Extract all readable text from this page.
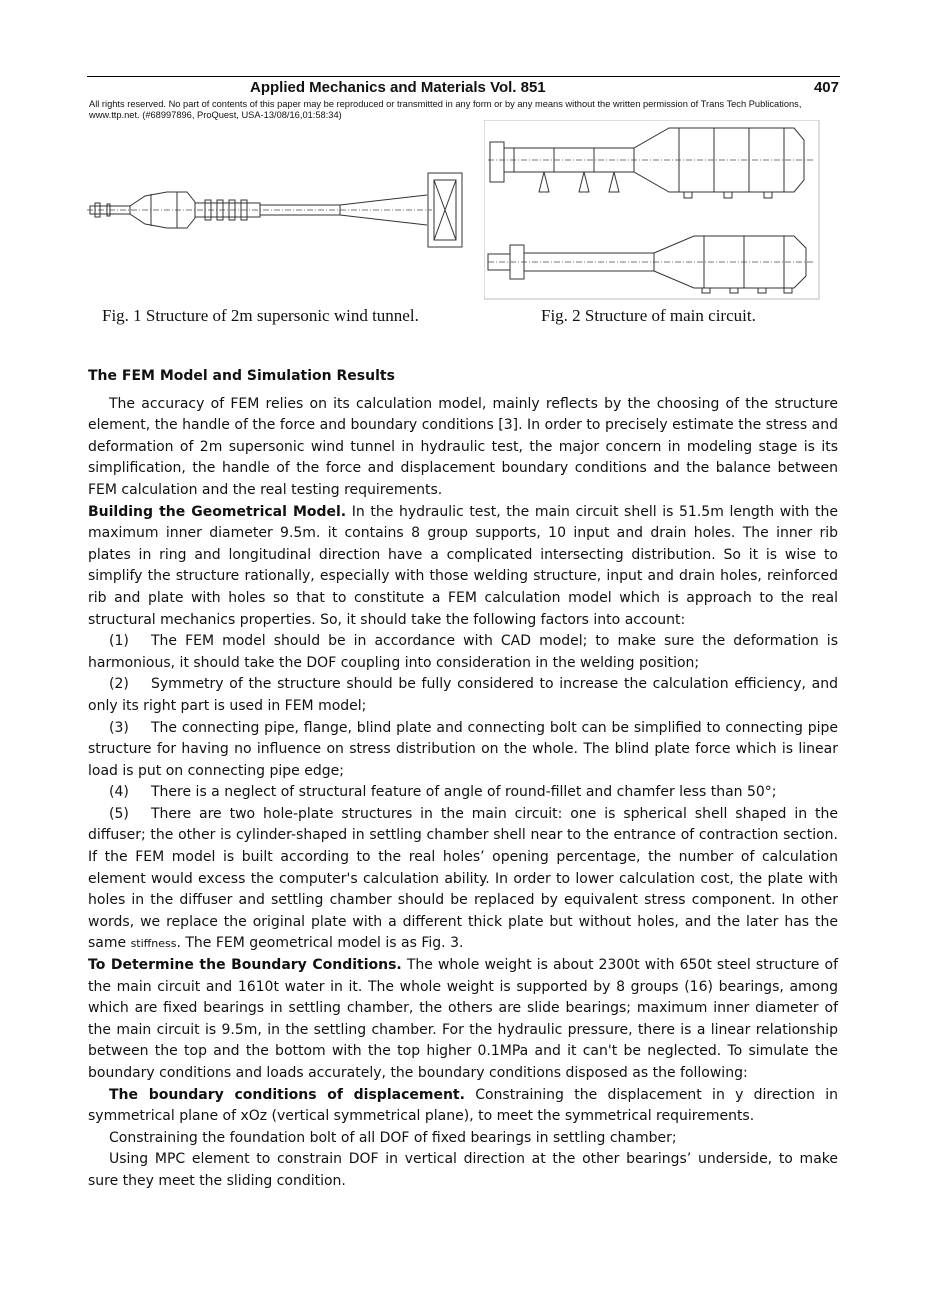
Applied Mechanics and Materials Vol. 851	407
All rights reserved. No part of contents of this paper may be reproduced or transmitted in any form or by any means without the written permission of Trans Tech Publications, www.ttp.net. (#68997896, ProQuest, USA-13/08/16,01:58:34)
Fig. 1 Structure of 2m supersonic wind tunnel.	Fig. 2 Structure of main circuit.

The FEM Model and Simulation Results

The accuracy of FEM relies on its calculation model, mainly reflects by the choosing of the structure element, the handle of the force and boundary conditions [3]. In order to precisely estimate the stress and deformation of 2m supersonic wind tunnel in hydraulic test, the major concern in modeling stage is its simplification, the handle of the force and displacement boundary conditions and the balance between FEM calculation and the real testing requirements.

Building the Geometrical Model. In the hydraulic test, the main circuit shell is 51.5m length with the maximum inner diameter 9.5m. it contains 8 group supports, 10 input and drain holes. The inner rib plates in ring and longitudinal direction have a complicated intersecting distribution. So it is wise to simplify the structure rationally, especially with those welding structure, input and drain holes, reinforced rib and plate with holes so that to constitute a FEM calculation model which is approach to the real structural mechanics properties. So, it should take the following factors into account:

(1) The FEM model should be in accordance with CAD model; to make sure the deformation is harmonious, it should take the DOF coupling into consideration in the welding position;

(2) Symmetry of the structure should be fully considered to increase the calculation efficiency, and only its right part is used in FEM model;

(3) The connecting pipe, flange, blind plate and connecting bolt can be simplified to connecting pipe structure for having no influence on stress distribution on the whole. The blind plate force which is linear load is put on connecting pipe edge;

(4) There is a neglect of structural feature of angle of round-fillet and chamfer less than 50°;

(5) There are two hole-plate structures in the main circuit: one is spherical shell shaped in the diffuser; the other is cylinder-shaped in settling chamber shell near to the entrance of contraction section. If the FEM model is built according to the real holes’ opening percentage, the number of calculation element would excess the computer's calculation ability. In order to lower calculation cost, the plate with holes in the diffuser and settling chamber should be replaced by equivalent stress component. In other words, we replace the original plate with a different thick plate but without holes, and the later has the same stiffness. The FEM geometrical model is as Fig. 3.

To Determine the Boundary Conditions. The whole weight is about 2300t with 650t steel structure of the main circuit and 1610t water in it. The whole weight is supported by 8 groups (16) bearings, among which are fixed bearings in settling chamber, the others are slide bearings; maximum inner diameter of the main circuit is 9.5m, in the settling chamber. For the hydraulic pressure, there is a linear relationship between the top and the bottom with the top higher 0.1MPa and it can't be neglected. To simulate the boundary conditions and loads accurately, the boundary conditions disposed as the following:

The boundary conditions of displacement. Constraining the displacement in y direction in symmetrical plane of xOz (vertical symmetrical plane), to meet the symmetrical requirements.

Constraining the foundation bolt of all DOF of fixed bearings in settling chamber;

Using MPC element to constrain DOF in vertical direction at the other bearings’ underside, to make sure they meet the sliding condition.
